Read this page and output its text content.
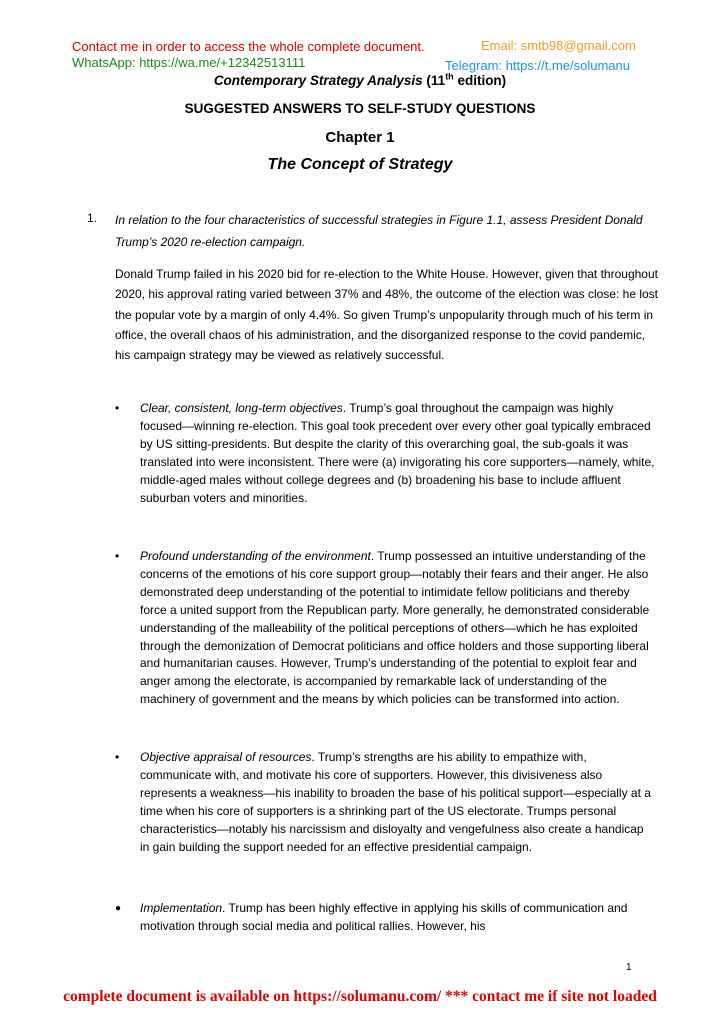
Contact me in order to access the whole complete document.
WhatsApp: https://wa.me/+12342513111
Email: smtb98@gmail.com
Telegram: https://t.me/solumanu
Contemporary Strategy Analysis (11th edition)
SUGGESTED ANSWERS TO SELF-STUDY QUESTIONS
Chapter 1
The Concept of Strategy
1. In relation to the four characteristics of successful strategies in Figure 1.1, assess President Donald Trump’s 2020 re-election campaign.
Donald Trump failed in his 2020 bid for re-election to the White House. However, given that throughout 2020, his approval rating varied between 37% and 48%, the outcome of the election was close: he lost the popular vote by a margin of only 4.4%. So given Trump’s unpopularity through much of his term in office, the overall chaos of his administration, and the disorganized response to the covid pandemic, his campaign strategy may be viewed as relatively successful.
• Clear, consistent, long-term objectives. Trump’s goal throughout the campaign was highly focused—winning re-election. This goal took precedent over every other goal typically embraced by US sitting-presidents. But despite the clarity of this overarching goal, the sub-goals it was translated into were inconsistent. There were (a) invigorating his core supporters—namely, white, middle-aged males without college degrees and (b) broadening his base to include affluent suburban voters and minorities.
• Profound understanding of the environment. Trump possessed an intuitive understanding of the concerns of the emotions of his core support group—notably their fears and their anger. He also demonstrated deep understanding of the potential to intimidate fellow politicians and thereby force a united support from the Republican party. More generally, he demonstrated considerable understanding of the malleability of the political perceptions of others—which he has exploited through the demonization of Democrat politicians and office holders and those supporting liberal and humanitarian causes. However, Trump’s understanding of the potential to exploit fear and anger among the electorate, is accompanied by remarkable lack of understanding of the machinery of government and the means by which policies can be transformed into action.
• Objective appraisal of resources. Trump’s strengths are his ability to empathize with, communicate with, and motivate his core of supporters. However, this divisiveness also represents a weakness—his inability to broaden the base of his political support—especially at a time when his core of supporters is a shrinking part of the US electorate. Trumps personal characteristics—notably his narcissism and disloyalty and vengefulness also create a handicap in gain building the support needed for an effective presidential campaign.
● Implementation. Trump has been highly effective in applying his skills of communication and motivation through social media and political rallies. However, his
1
complete document is available on https://solumanu.com/ *** contact me if site not loaded
